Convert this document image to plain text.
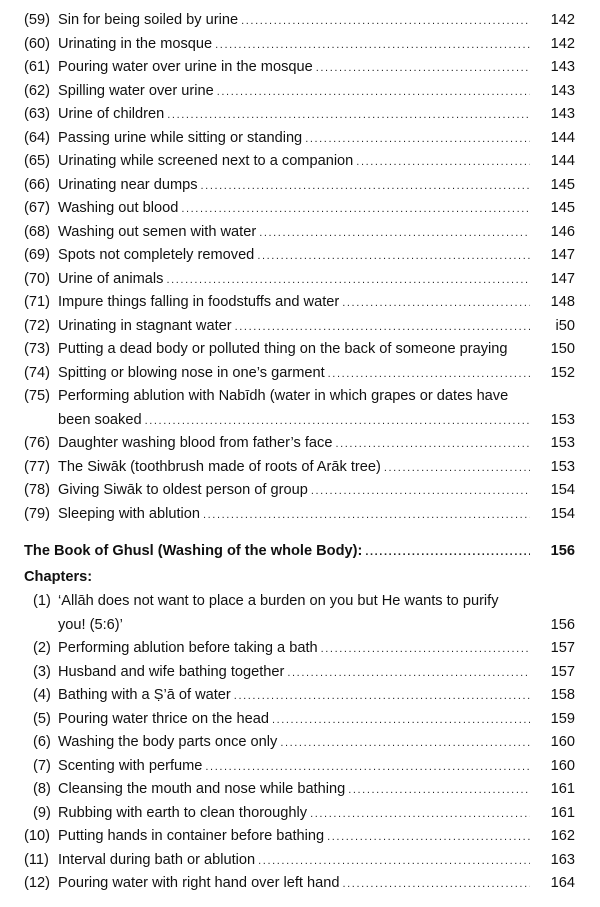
(59) Sin for being soiled by urine .....	142
(60) Urinating in the mosque .....	142
(61) Pouring water over urine in the mosque .....	143
(62) Spilling water over urine .....	143
(63) Urine of children .....	143
(64) Passing urine while sitting or standing .....	144
(65) Urinating while screened next to a companion .....	144
(66) Urinating near dumps .....	145
(67) Washing out blood .....	145
(68) Washing out semen with water .....	146
(69) Spots not completely removed .....	147
(70) Urine of animals .....	147
(71) Impure things falling in foodstuffs and water .....	148
(72) Urinating in stagnant water .....	i50
(73) Putting a dead body or polluted thing on the back of someone praying	150
(74) Spitting or blowing nose in one’s garment .....	152
(75) Performing ablution with Nabīdh (water in which grapes or dates have
been soaked .....	153
(76) Daughter washing blood from father’s face .....	153
(77) The Siwāk (toothbrush made of roots of Arāk tree) .....	153
(78) Giving Siwāk to oldest person of group .....	154
(79) Sleeping with ablution .....	154
The Book of Ghusl (Washing of the whole Body): .....	156
Chapters:
(1) ‘Allāh does not want to place a burden on you but He wants to purify
you! (5:6)’	156
(2) Performing ablution before taking a bath .....	157
(3) Husband and wife bathing together .....	157
(4) Bathing with a Ṣ’ā of water .....	158
(5) Pouring water thrice on the head .....	159
(6) Washing the body parts once only .....	160
(7) Scenting with perfume .....	160
(8) Cleansing the mouth and nose while bathing .....	161
(9) Rubbing with earth to clean thoroughly .....	161
(10) Putting hands in container before bathing .....	162
(11) Interval during bath or ablution .....	163
(12) Pouring water with right hand over left hand .....	164
